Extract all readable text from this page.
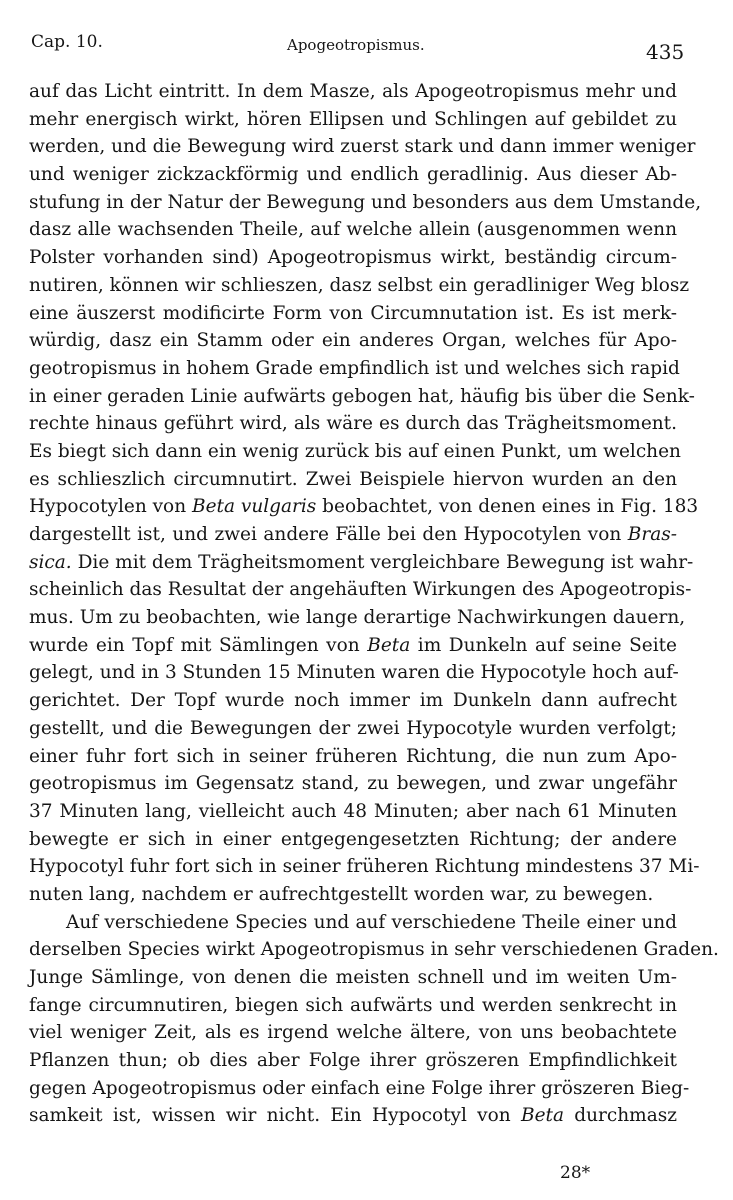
Cap. 10.	Apogeotropismus.	435
auf das Licht eintritt. In dem Masze, als Apogeotropismus mehr und
mehr energisch wirkt, hören Ellipsen und Schlingen auf gebildet zu
werden, und die Bewegung wird zuerst stark und dann immer weniger
und weniger zickzackförmig und endlich geradlinig. Aus dieser Ab-
stufung in der Natur der Bewegung und besonders aus dem Umstande,
dasz alle wachsenden Theile, auf welche allein (ausgenommen wenn
Polster vorhanden sind) Apogeotropismus wirkt, beständig circum-
nutiren, können wir schlieszen, dasz selbst ein geradliniger Weg blosz
eine äuszerst modificirte Form von Circumnutation ist. Es ist merk-
würdig, dasz ein Stamm oder ein anderes Organ, welches für Apo-
geotropismus in hohem Grade empfindlich ist und welches sich rapid
in einer geraden Linie aufwärts gebogen hat, häufig bis über die Senk-
rechte hinaus geführt wird, als wäre es durch das Trägheitsmoment.
Es biegt sich dann ein wenig zurück bis auf einen Punkt, um welchen
es schlieszlich circumnutirt. Zwei Beispiele hiervon wurden an den
Hypocotylen von Beta vulgaris beobachtet, von denen eines in Fig. 183
dargestellt ist, und zwei andere Fälle bei den Hypocotylen von Bras-
sica. Die mit dem Trägheitsmoment vergleichbare Bewegung ist wahr-
scheinlich das Resultat der angehäuften Wirkungen des Apogeotropis-
mus. Um zu beobachten, wie lange derartige Nachwirkungen dauern,
wurde ein Topf mit Sämlingen von Beta im Dunkeln auf seine Seite
gelegt, und in 3 Stunden 15 Minuten waren die Hypocotyle hoch auf-
gerichtet. Der Topf wurde noch immer im Dunkeln dann aufrecht
gestellt, und die Bewegungen der zwei Hypocotyle wurden verfolgt;
einer fuhr fort sich in seiner früheren Richtung, die nun zum Apo-
geotropismus im Gegensatz stand, zu bewegen, und zwar ungefähr
37 Minuten lang, vielleicht auch 48 Minuten; aber nach 61 Minuten
bewegte er sich in einer entgegengesetzten Richtung; der andere
Hypocotyl fuhr fort sich in seiner früheren Richtung mindestens 37 Mi-
nuten lang, nachdem er aufrechtgestellt worden war, zu bewegen.
Auf verschiedene Species und auf verschiedene Theile einer und
derselben Species wirkt Apogeotropismus in sehr verschiedenen Graden.
Junge Sämlinge, von denen die meisten schnell und im weiten Um-
fange circumnutiren, biegen sich aufwärts und werden senkrecht in
viel weniger Zeit, als es irgend welche ältere, von uns beobachtete
Pflanzen thun; ob dies aber Folge ihrer gröszeren Empfindlichkeit
gegen Apogeotropismus oder einfach eine Folge ihrer gröszeren Bieg-
samkeit ist, wissen wir nicht. Ein Hypocotyl von Beta durchmasz
28*
